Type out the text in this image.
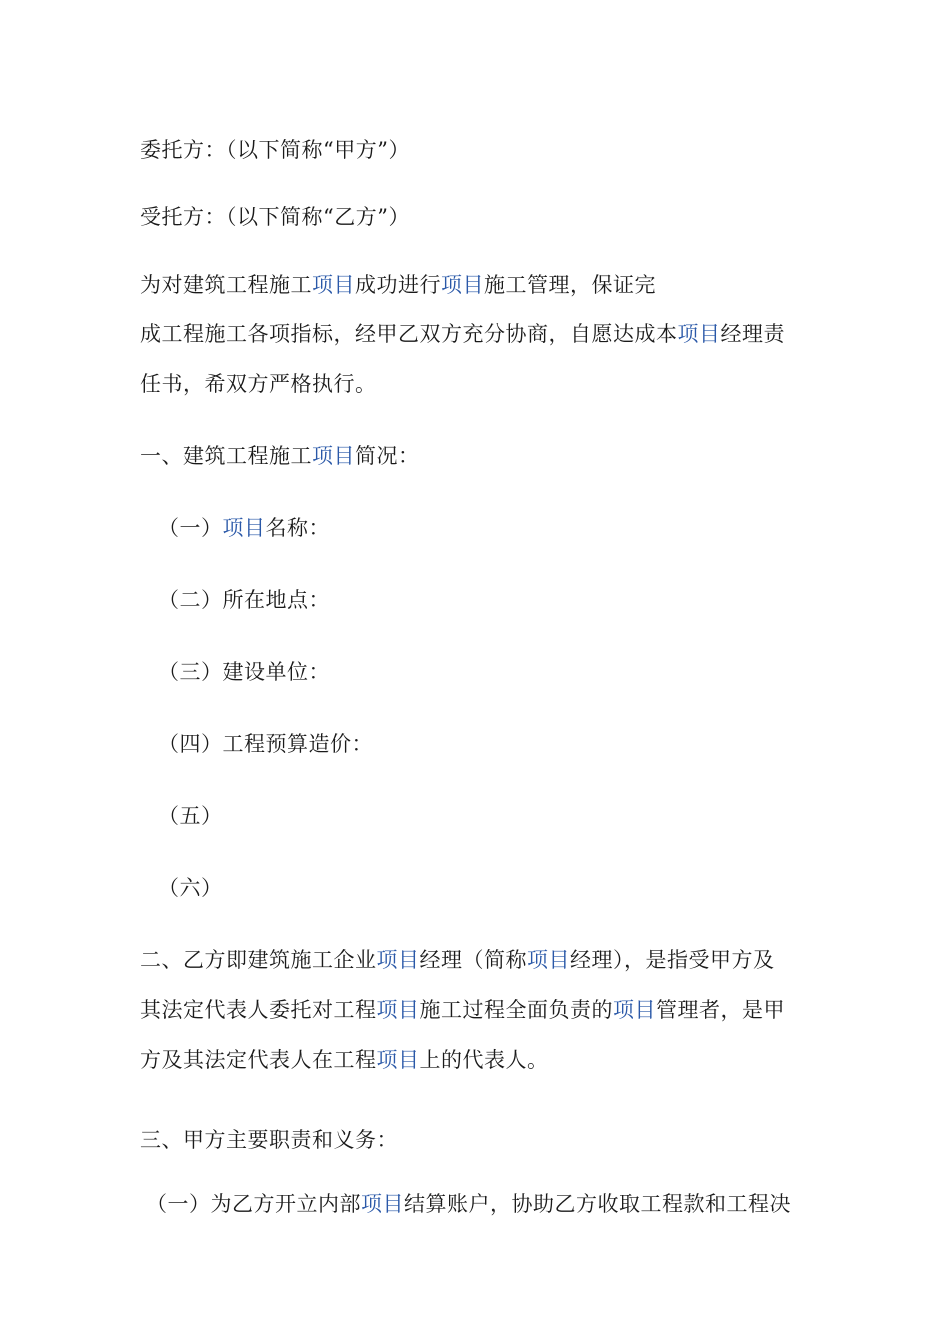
委托方：（以下简称“甲方”）
受托方：（以下简称“乙方”）
为对建筑工程施工项目成功进行项目施工管理，保证完
成工程施工各项指标，经甲乙双方充分协商，自愿达成本项目经理责
任书，希双方严格执行。
一、建筑工程施工项目简况：
（一）项目名称：
（二）所在地点：
（三）建设单位：
（四）工程预算造价：
（五）
（六）
二、乙方即建筑施工企业项目经理（简称项目经理），是指受甲方及
其法定代表人委托对工程项目施工过程全面负责的项目管理者，是甲
方及其法定代表人在工程项目上的代表人。
三、甲方主要职责和义务：
（一）为乙方开立内部项目结算账户，协助乙方收取工程款和工程决
